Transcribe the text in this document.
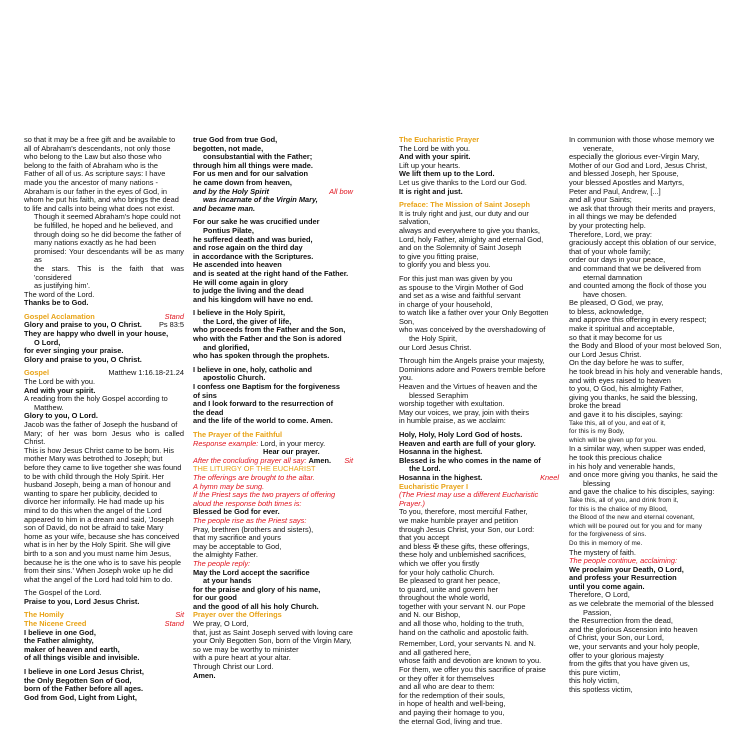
so that it may be a free gift and be available to

all of Abraham's descendants, not only those

who belong to the Law but also those who

belong to the faith of Abraham who is the

Father of all of us. As scripture says: I have

made you the ancestor of many nations -

Abraham is our father in the eyes of God, in

whom he put his faith, and who brings the dead

to life and calls into being what does not exist.

Though it seemed Abraham's hope could not

be fulfilled, he hoped and he believed, and

through doing so he did become the father of

many nations exactly as he had been

promised: Your descendants will be as many as

the stars. This is the faith that was 'considered

as justifying him'.

The word of the Lord.

Thanks be to God.

Gospel Acclamation	Stand
Glory and praise to you, O Christ. Ps 83:5

They are happy who dwell in your house,

O Lord,

for ever singing your praise.

Glory and praise to you, O Christ.

Gospel	Matthew 1:16.18-21.24

The Lord be with you.

And with your spirit.

A reading from the holy Gospel according to

Matthew.

Glory to you, O Lord.

Jacob was the father of Joseph the husband of

Mary; of her was born Jesus who is called Christ.

This is how Jesus Christ came to be born. His

mother Mary was betrothed to Joseph; but

before they came to live together she was found

to be with child through the Holy Spirit. Her

husband Joseph, being a man of honour and

wanting to spare her publicity, decided to

divorce her informally. He had made up his

mind to do this when the angel of the Lord

appeared to him in a dream and said, 'Joseph

son of David, do not be afraid to take Mary

home as your wife, because she has conceived

what is in her by the Holy Spirit. She will give

birth to a son and you must name him Jesus,

because he is the one who is to save his people

from their sins.' When Joseph woke up he did

what the angel of the Lord had told him to do.

The Gospel of the Lord.

Praise to you, Lord Jesus Christ.

The Homily	Sit
The Nicene Creed	Stand

I believe in one God,

the Father almighty,

maker of heaven and earth,

of all things visible and invisible.

I believe in one Lord Jesus Christ,

the Only Begotten Son of God,

born of the Father before all ages.

God from God, Light from Light,

true God from true God,

begotten, not made,

consubstantial with the Father;

through him all things were made.

For us men and for our salvation

he came down from heaven,

and by the Holy Spirit	All bow

was incarnate of the Virgin Mary,

and became man.

For our sake he was crucified under

Pontius Pilate,

he suffered death and was buried,

and rose again on the third day

in accordance with the Scriptures.

He ascended into heaven

and is seated at the right hand of the Father.

He will come again in glory

to judge the living and the dead

and his kingdom will have no end.

I believe in the Holy Spirit,

the Lord, the giver of life,

who proceeds from the Father and the Son,

who with the Father and the Son is adored

and glorified,

who has spoken through the prophets.

I believe in one, holy, catholic and

apostolic Church.

I confess one Baptism for the forgiveness

of sins

and I look forward to the resurrection of

the dead

and the life of the world to come. Amen.

The Prayer of the Faithful

Response example: Lord, in your mercy.

Hear our prayer.

After the concluding prayer all say: Amen. Sit

THE LITURGY OF THE EUCHARIST

The offerings are brought to the altar.

A hymn may be sung.

If the Priest says the two prayers of offering

aloud the response both times is:

Blessed be God for ever.

The people rise as the Priest says:

Pray, brethren (brothers and sisters),

that my sacrifice and yours

may be acceptable to God,

the almighty Father.

The people reply:

May the Lord accept the sacrifice

at your hands

for the praise and glory of his name,

for our good

and the good of all his holy Church.

Prayer over the Offerings

We pray, O Lord,

that, just as Saint Joseph served with loving care

your Only Begotten Son, born of the Virgin Mary,

so we may be worthy to minister

with a pure heart at your altar.

Through Christ our Lord.

Amen.

The Eucharistic Prayer

The Lord be with you.

And with your spirit.

Lift up your hearts.

We lift them up to the Lord.

Let us give thanks to the Lord our God.

It is right and just.

Preface: The Mission of Saint Joseph

It is truly right and just, our duty and our salvation,

always and everywhere to give you thanks,

Lord, holy Father, almighty and eternal God,

and on the Solemnity of Saint Joseph

to give you fitting praise,

to glorify you and bless you.

For this just man was given by you

as spouse to the Virgin Mother of God

and set as a wise and faithful servant

in charge of your household,

to watch like a father over your Only Begotten Son,

who was conceived by the overshadowing of

the Holy Spirit,

our Lord Jesus Christ.

Through him the Angels praise your majesty,

Dominions adore and Powers tremble before you.

Heaven and the Virtues of heaven and the

blessed Seraphim

worship together with exultation.

May our voices, we pray, join with theirs

in humble praise, as we acclaim:

Holy, Holy, Holy Lord God of hosts.

Heaven and earth are full of your glory.

Hosanna in the highest.

Blessed is he who comes in the name of

the Lord.

Hosanna in the highest.	Kneel

Eucharistic Prayer I

(The Priest may use a different Eucharistic Prayer.)

To you, therefore, most merciful Father,

we make humble prayer and petition

through Jesus Christ, your Son, our Lord:

that you accept

and bless ✠ these gifts, these offerings,

these holy and unblemished sacrifices,

which we offer you firstly

for your holy catholic Church.

Be pleased to grant her peace,

to guard, unite and govern her

throughout the whole world,

together with your servant N. our Pope

and N. our Bishop,

and all those who, holding to the truth,

hand on the catholic and apostolic faith.

Remember, Lord, your servants N. and N.

and all gathered here,

whose faith and devotion are known to you.

For them, we offer you this sacrifice of praise

or they offer it for themselves

and all who are dear to them:

for the redemption of their souls,

in hope of health and well-being,

and paying their homage to you,

the eternal God, living and true.

In communion with those whose memory we

venerate,

especially the glorious ever-Virgin Mary,

Mother of our God and Lord, Jesus Christ,

and blessed Joseph, her Spouse,

your blessed Apostles and Martyrs,

Peter and Paul, Andrew, [...]

and all your Saints;

we ask that through their merits and prayers,

in all things we may be defended

by your protecting help.

Therefore, Lord, we pray:

graciously accept this oblation of our service,

that of your whole family;

order our days in your peace,

and command that we be delivered from

eternal damnation

and counted among the flock of those you

have chosen.

Be pleased, O God, we pray,

to bless, acknowledge,

and approve this offering in every respect;

make it spiritual and acceptable,

so that it may become for us

the Body and Blood of your most beloved Son,

our Lord Jesus Christ.

On the day before he was to suffer,

he took bread in his holy and venerable hands,

and with eyes raised to heaven

to you, O God, his almighty Father,

giving you thanks, he said the blessing,

broke the bread

and gave it to his disciples, saying:

Take this, all of you, and eat of it,

for this is my Body,

which will be given up for you.

In a similar way, when supper was ended,

he took this precious chalice

in his holy and venerable hands,

and once more giving you thanks, he said the

blessing

and gave the chalice to his disciples, saying:

Take this, all of you, and drink from it,

for this is the chalice of my Blood,

the Blood of the new and eternal covenant,

which will be poured out for you and for many

for the forgiveness of sins.

Do this in memory of me.

The mystery of faith.

The people continue, acclaiming:

We proclaim your Death, O Lord,

and profess your Resurrection

until you come again.

Therefore, O Lord,

as we celebrate the memorial of the blessed

Passion,

the Resurrection from the dead,

and the glorious Ascension into heaven

of Christ, your Son, our Lord,

we, your servants and your holy people,

offer to your glorious majesty

from the gifts that you have given us,

this pure victim,

this holy victim,

this spotless victim,
